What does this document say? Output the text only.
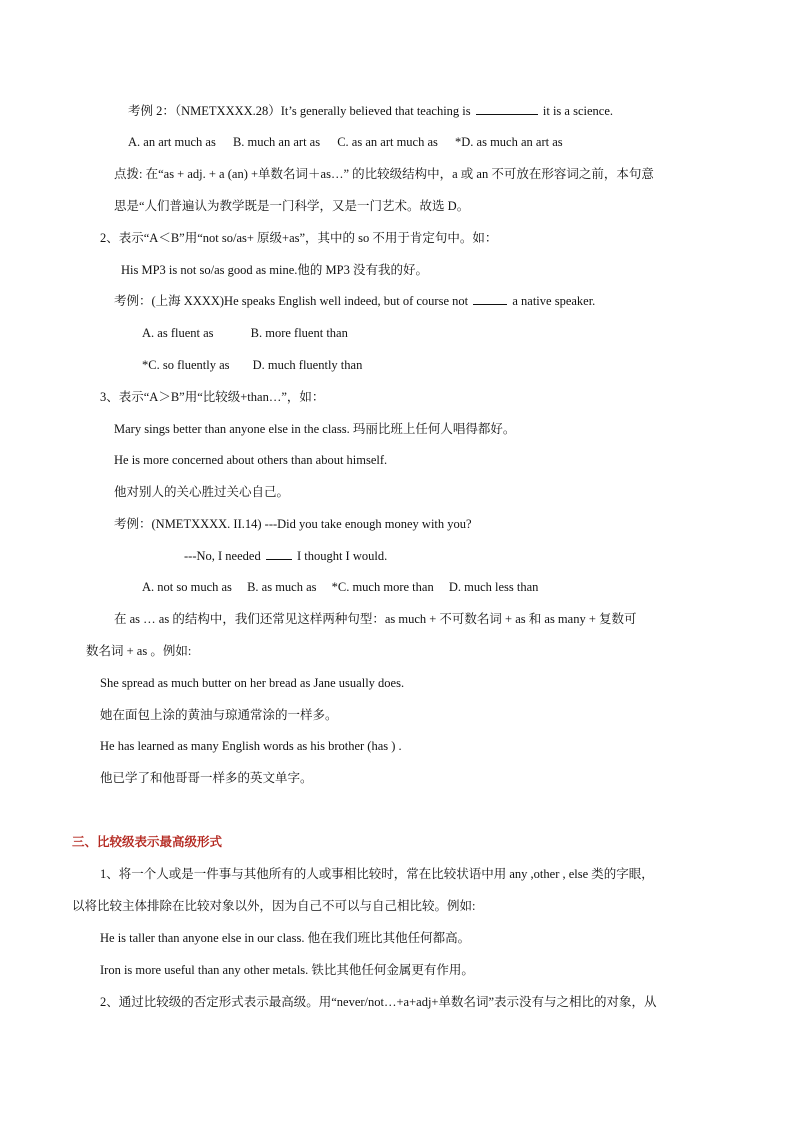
考例 2：（NMETXXXX.28）It’s generally believed that teaching is	it is a science.
A. an art much as B. much an art as C. as an art much as *D. as much an art as
点拨: 在“as + adj. + a (an) +单数名词＋as…” 的比较级结构中，a 或 an 不可放在形容词之前，本句意
思是“人们普遍认为教学既是一门科学，又是一门艺术。故选 D。
2、表示“A＜B”用“not so/as+ 原级+as”，其中的 so 不用于肯定句中。如：
His MP3 is not so/as good as mine.他的 MP3 没有我的好。
考例：(上海 XXXX)He speaks English well indeed, but of course not	a native speaker.
A. as fluent as	B. more fluent than
*C. so fluently as D. much fluently than
3、表示“A＞B”用“比较级+than…”，如：
Mary sings better than anyone else in the class. 玛丽比班上任何人唱得都好。
He is more concerned about others than about himself.
他对别人的关心胜过关心自己。
考例：(NMETXXXX. II.14) ---Did you take enough money with you?
---No, I needed	I thought I would.
A. not so much as B. as much as *C. much more than D. much less than
在 as … as 的结构中，我们还常见这样两种句型：as much + 不可数名词 + as 和 as many + 复数可
数名词 + as 。例如:
She spread as much butter on her bread as Jane usually does.
她在面包上涂的黄油与琼通常涂的一样多。
He has learned as many English words as his brother (has ) .
他已学了和他哥哥一样多的英文单字。
三、比较级表示最高级形式
1、将一个人或是一件事与其他所有的人或事相比较时，常在比较状语中用 any ,other , else 类的字眼，
以将比较主体排除在比较对象以外，因为自己不可以与自己相比较。例如:
He is taller than anyone else in our class. 他在我们班比其他任何都高。
Iron is more useful than any other metals. 铁比其他任何金属更有作用。
2、通过比较级的否定形式表示最高级。用“never/not…+a+adj+单数名词”表示没有与之相比的对象，从
